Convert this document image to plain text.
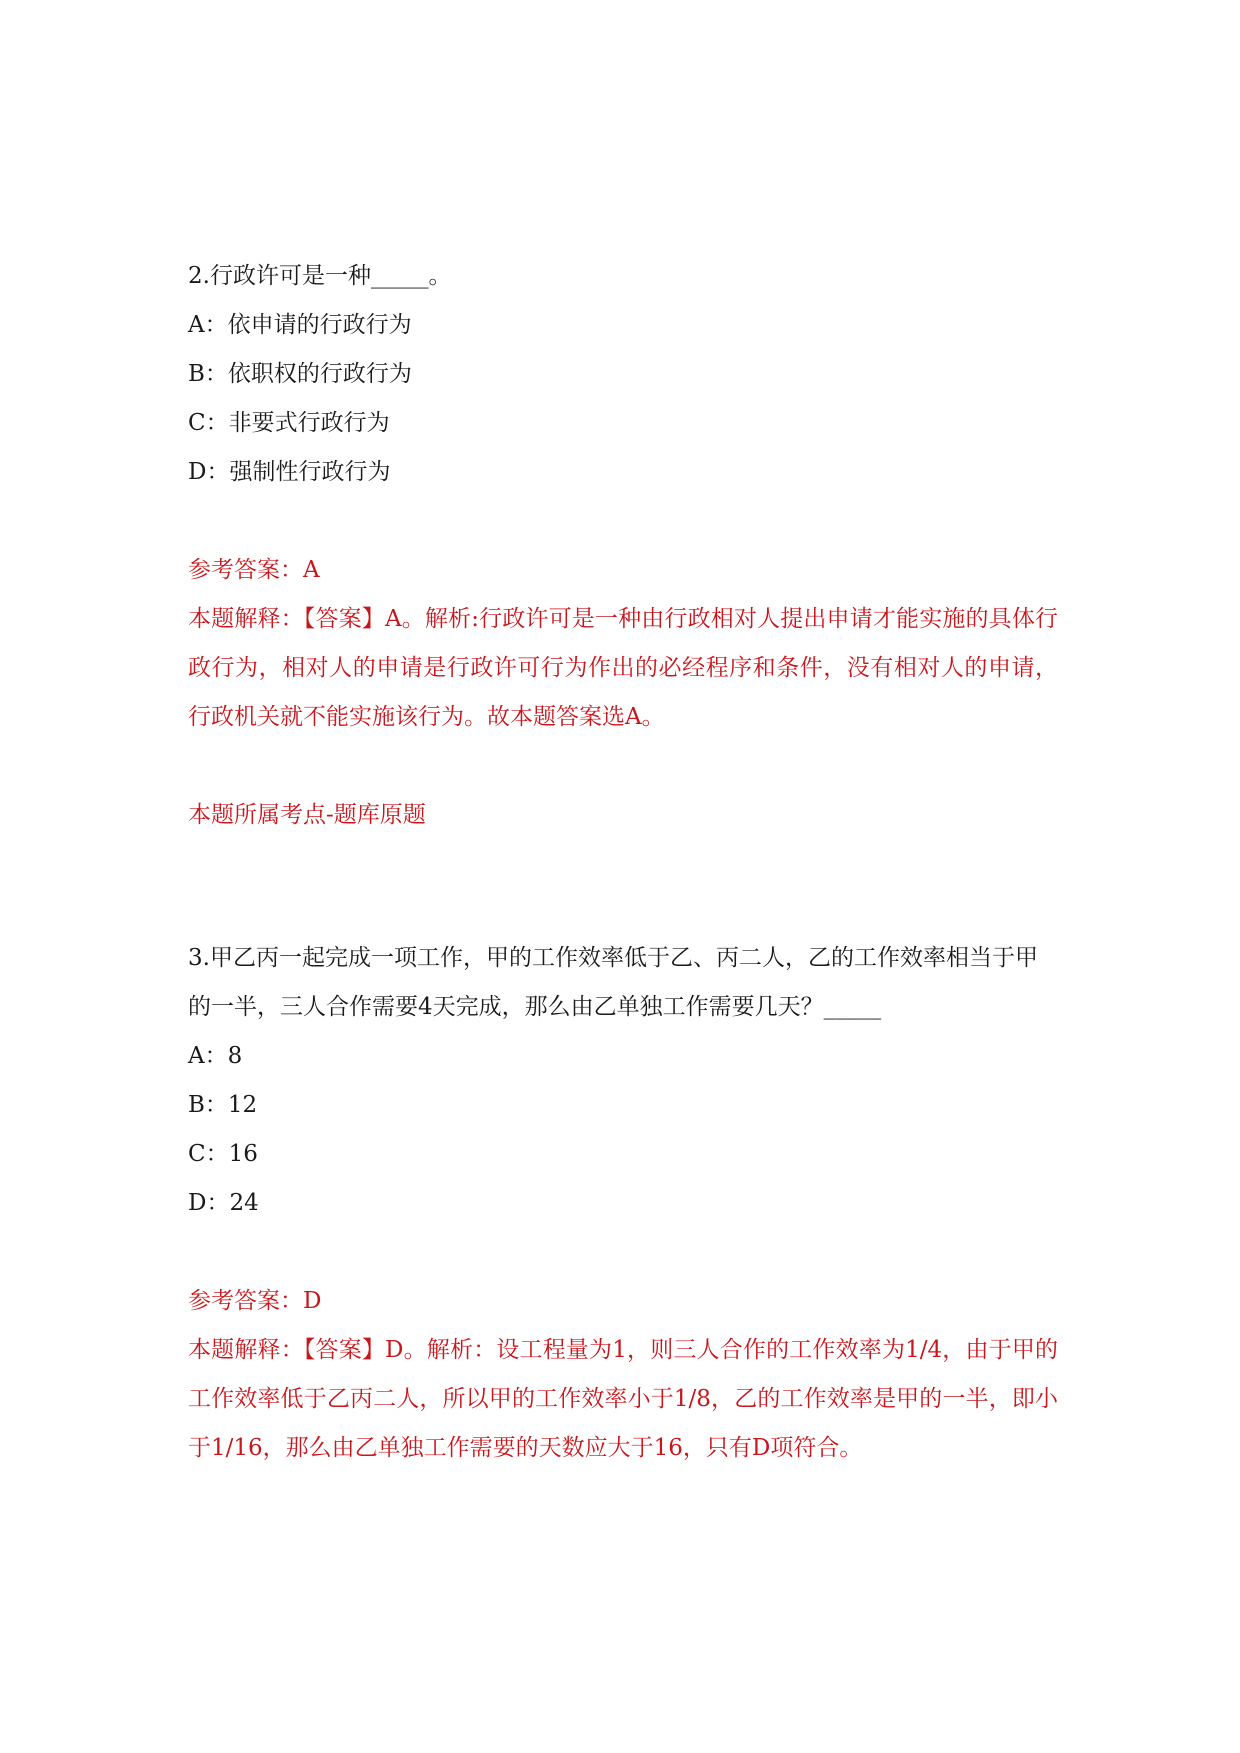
2.行政许可是一种_____。
A：依申请的行政行为
B：依职权的行政行为
C：非要式行政行为
D：强制性行政行为
参考答案：A
本题解释：【答案】A。解析:行政许可是一种由行政相对人提出申请才能实施的具体行政行为，相对人的申请是行政许可行为作出的必经程序和条件，没有相对人的申请，行政机关就不能实施该行为。故本题答案选A。
本题所属考点-题库原题
3.甲乙丙一起完成一项工作，甲的工作效率低于乙、丙二人，乙的工作效率相当于甲的一半，三人合作需要4天完成，那么由乙单独工作需要几天？_____
A：8
B：12
C：16
D：24
参考答案：D
本题解释：【答案】D。解析：设工程量为1，则三人合作的工作效率为1/4，由于甲的工作效率低于乙丙二人，所以甲的工作效率小于1/8，乙的工作效率是甲的一半，即小于1/16，那么由乙单独工作需要的天数应大于16，只有D项符合。
